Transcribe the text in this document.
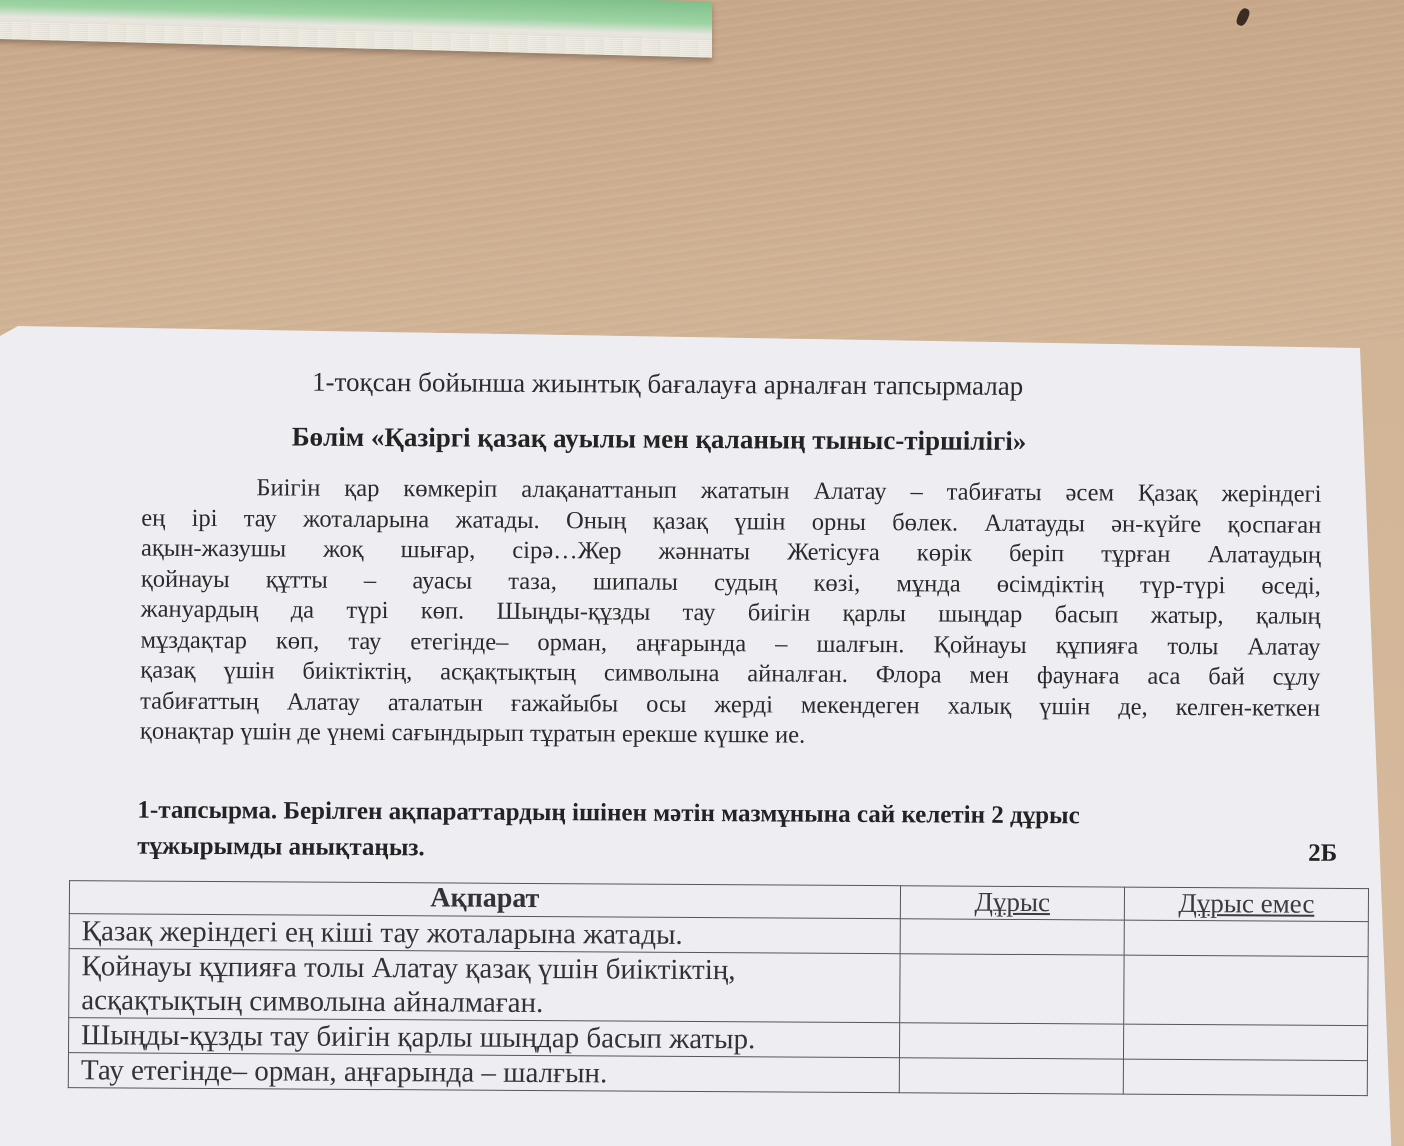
1-тоқсан бойынша жиынтық бағалауға арналған тапсырмалар
Бөлім «Қазіргі қазақ ауылы мен қаланың тыныс-тіршілігі»
Биігін қар көмкеріп алақанаттанып жататын Алатау – табиғаты әсем Қазақ жеріндегі
ең ірі тау жоталарына жатады. Оның қазақ үшін орны бөлек. Алатауды ән-күйге қоспаған
ақын-жазушы жоқ шығар, сірә…Жер жәннаты Жетісуға көрік беріп тұрған Алатаудың
қойнауы құтты – ауасы таза, шипалы судың көзі, мұнда өсімдіктің түр-түрі өседі,
жануардың да түрі көп. Шыңды-құзды тау биігін қарлы шыңдар басып жатыр, қалың
мұздақтар көп, тау етегінде– орман, аңғарында – шалғын. Қойнауы құпияға толы Алатау
қазақ үшін биіктіктің, асқақтықтың символына айналған. Флора мен фаунаға аса бай сұлу
табиғаттың Алатау аталатын ғажайыбы осы жерді мекендеген халық үшін де, келген-кеткен
қонақтар үшін де үнемі сағындырып тұратын ерекше күшке ие.
1-тапсырма. Берілген ақпараттардың ішінен мәтін мазмұнына сай келетін 2 дұрыс
тұжырымды анықтаңыз.	2Б
Ақпарат	Дұрыс	Дұрыс емес
Қазақ жеріндегі ең кіші тау жоталарына жатады.		

Қойнауы құпияға толы Алатау қазақ үшін биіктіктің,
асқақтықтың символына айналмаған.		

Шыңды-құзды тау биігін қарлы шыңдар басып жатыр.		
Тау етегінде– орман, аңғарында – шалғын.		
